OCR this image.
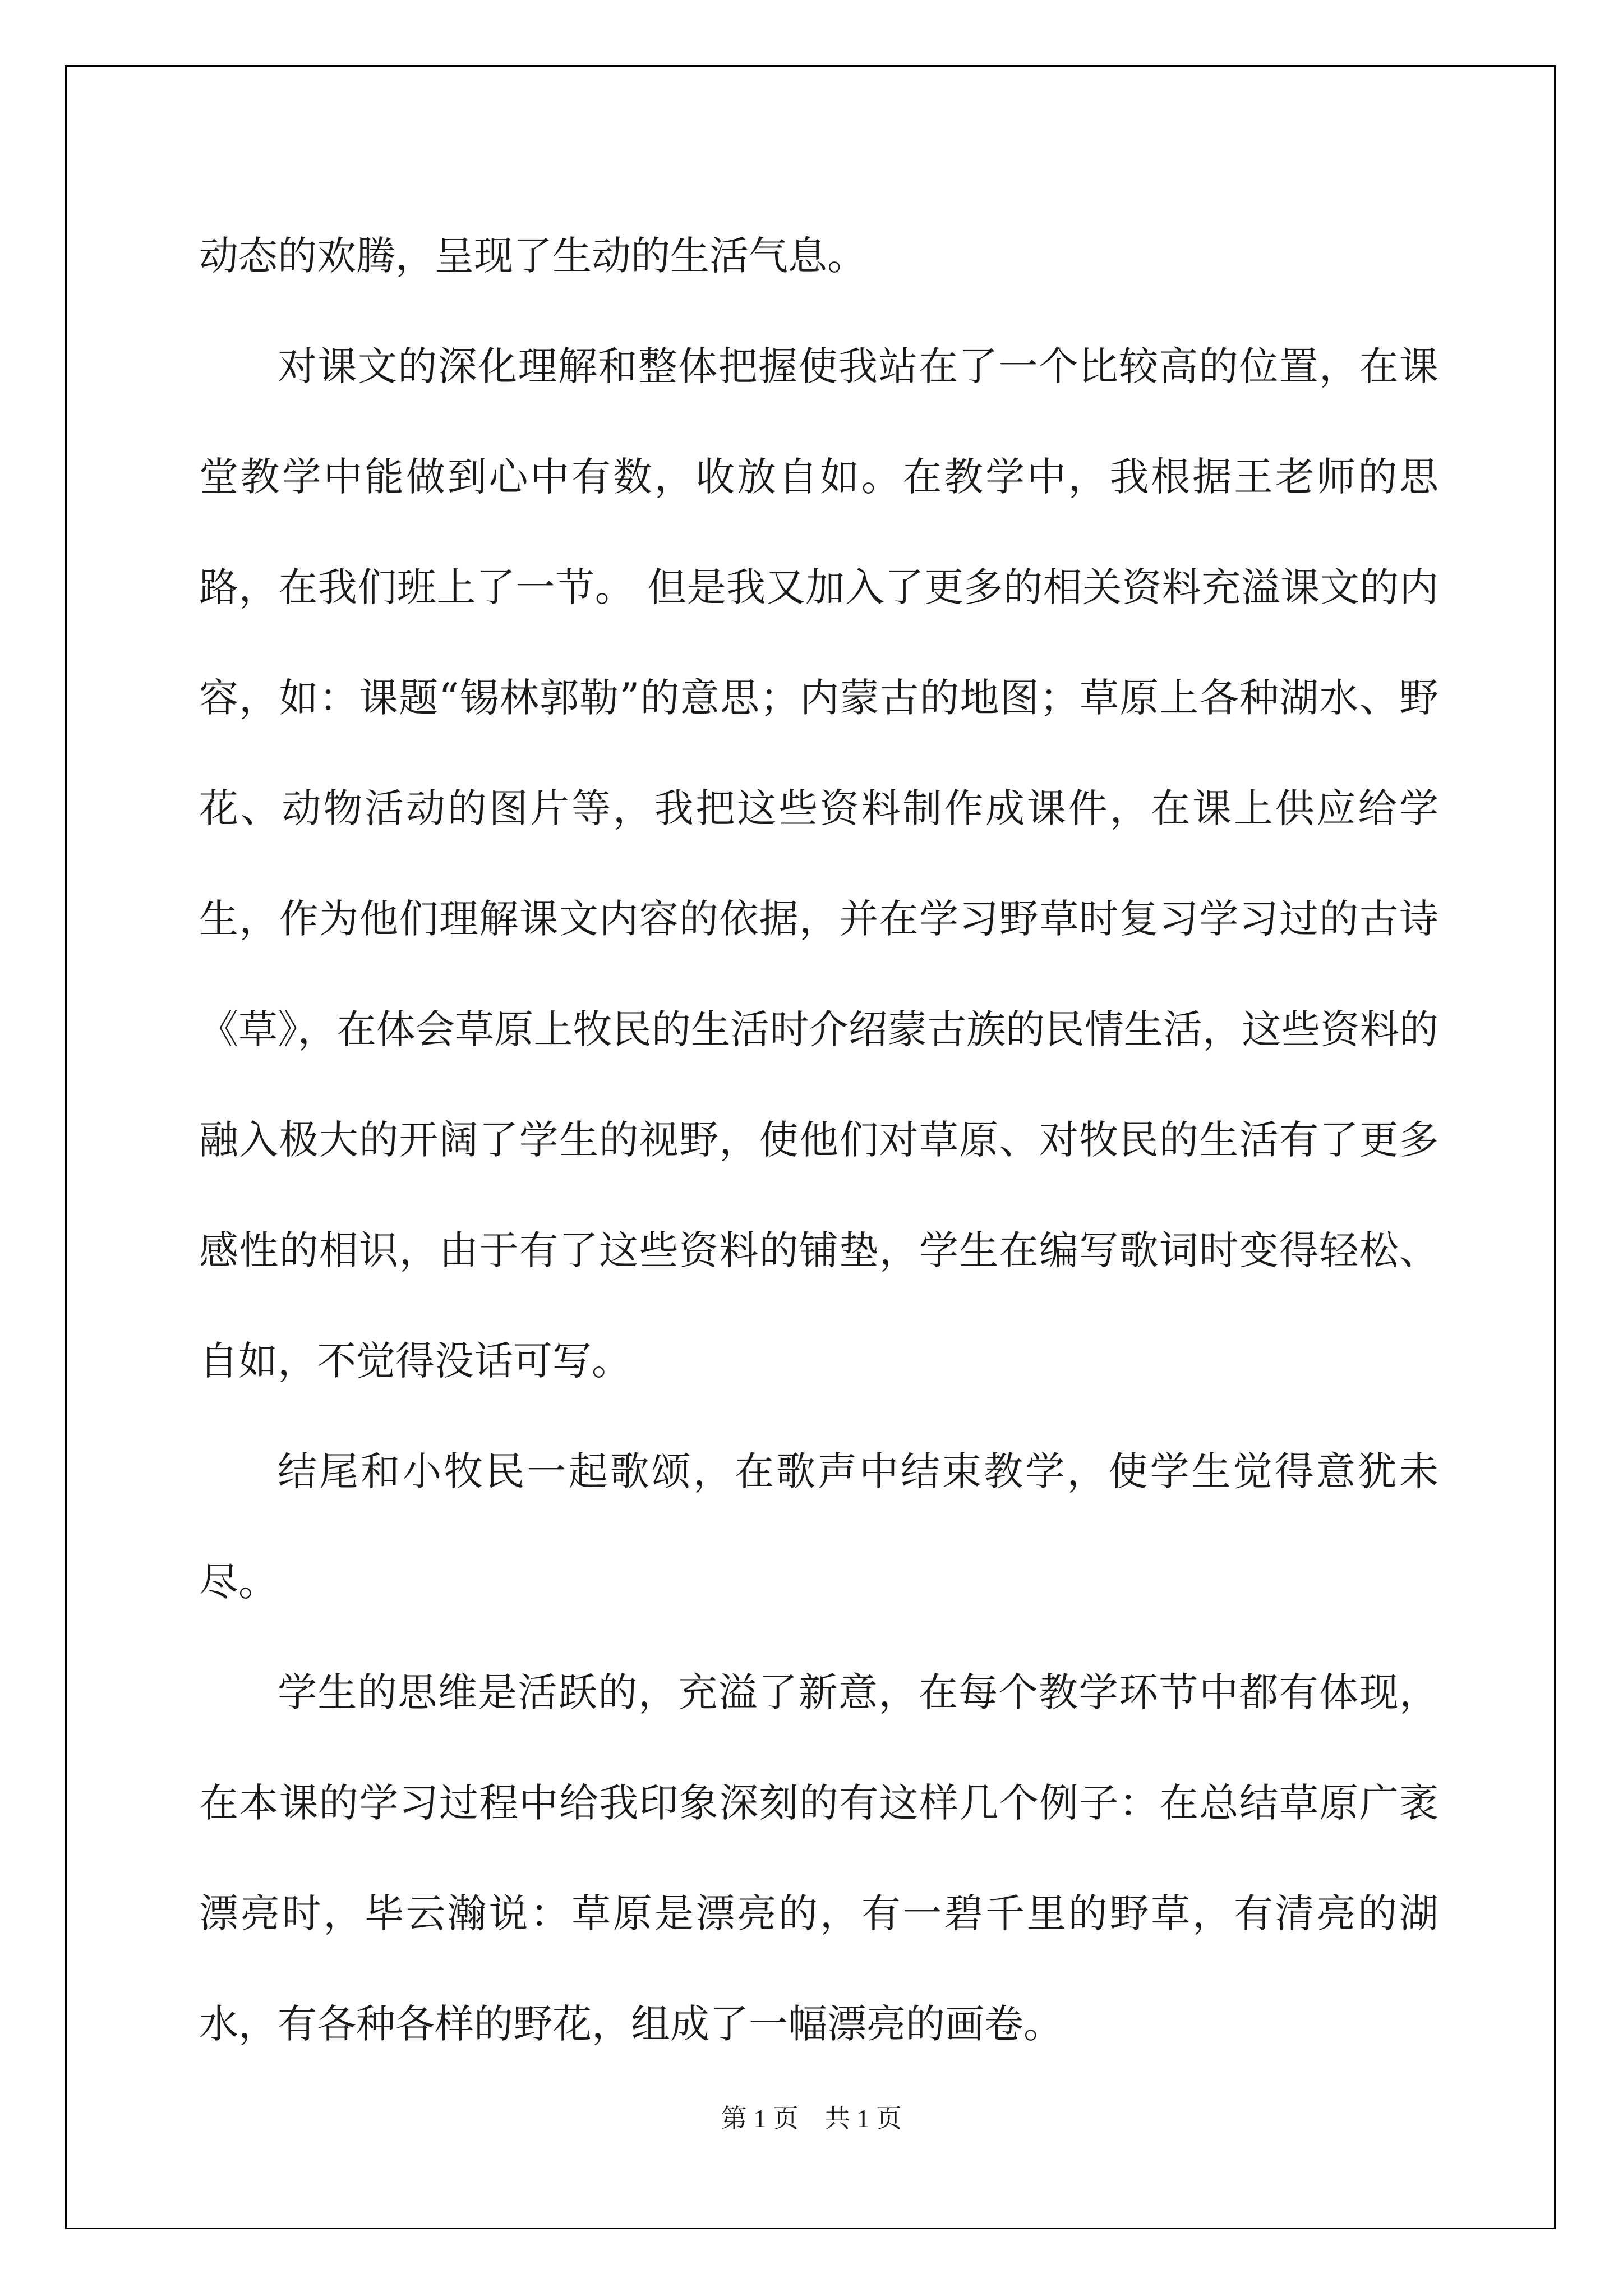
动态的欢腾，呈现了生动的生活气息。

对课文的深化理解和整体把握使我站在了一个比较高的位置，在课堂教学中能做到心中有数，收放自如。在教学中，我根据王老师的思路，在我们班上了一节。 但是我又加入了更多的相关资料充溢课文的内容，如：课题“锡林郭勒”的意思；内蒙古的地图；草原上各种湖水、野花、动物活动的图片等，我把这些资料制作成课件，在课上供应给学生，作为他们理解课文内容的依据，并在学习野草时复习学习过的古诗《草》，在体会草原上牧民的生活时介绍蒙古族的民情生活，这些资料的融入极大的开阔了学生的视野，使他们对草原、对牧民的生活有了更多感性的相识，由于有了这些资料的铺垫，学生在编写歌词时变得轻松、自如，不觉得没话可写。

结尾和小牧民一起歌颂，在歌声中结束教学，使学生觉得意犹未尽。

学生的思维是活跃的，充溢了新意，在每个教学环节中都有体现，在本课的学习过程中给我印象深刻的有这样几个例子：在总结草原广袤漂亮时，毕云瀚说：草原是漂亮的，有一碧千里的野草，有清亮的湖水，有各种各样的野花，组成了一幅漂亮的画卷。

第 1 页 共 1 页
